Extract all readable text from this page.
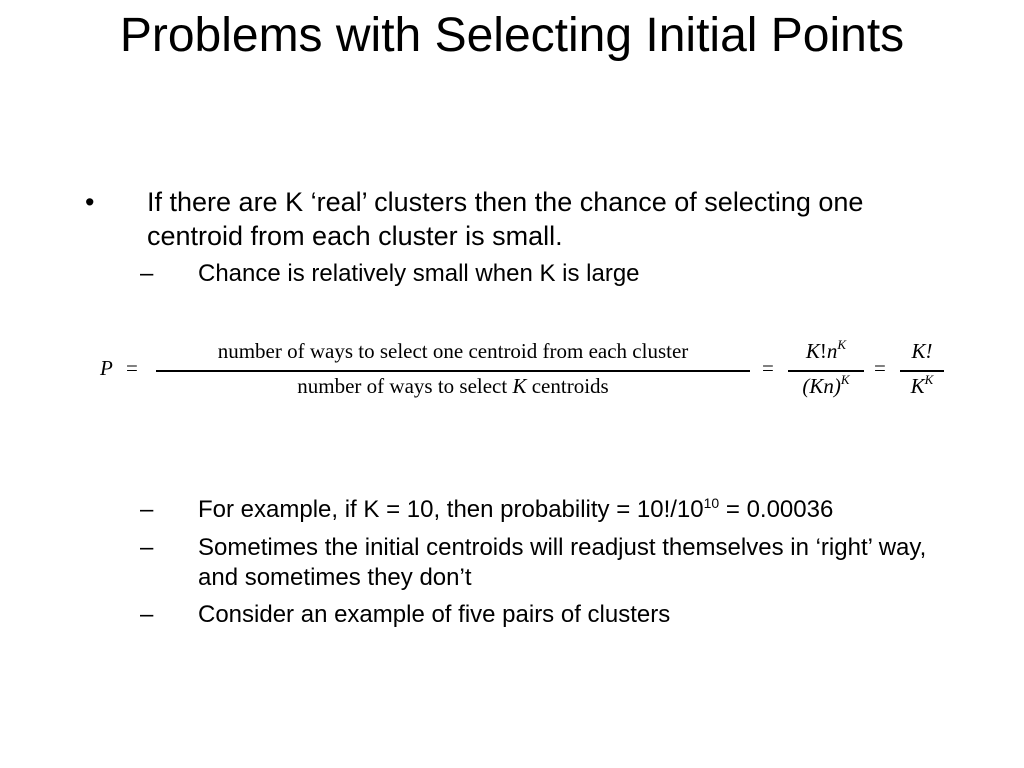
Problems with Selecting Initial Points
• If there are K ‘real’ clusters then the chance of selecting one centroid from each cluster is small.
– Chance is relatively small when K is large
P =
number of ways to select one centroid from each cluster
number of ways to select K centroids
=
$K!n^K$
$(Kn)^K$	=
K!
$K^K$
– For example, if K = 10, then probability = $10!/10^{10} = 0.00036$
– Sometimes the initial centroids will readjust themselves in ‘right’ way, and sometimes they don’t
– Consider an example of five pairs of clusters
